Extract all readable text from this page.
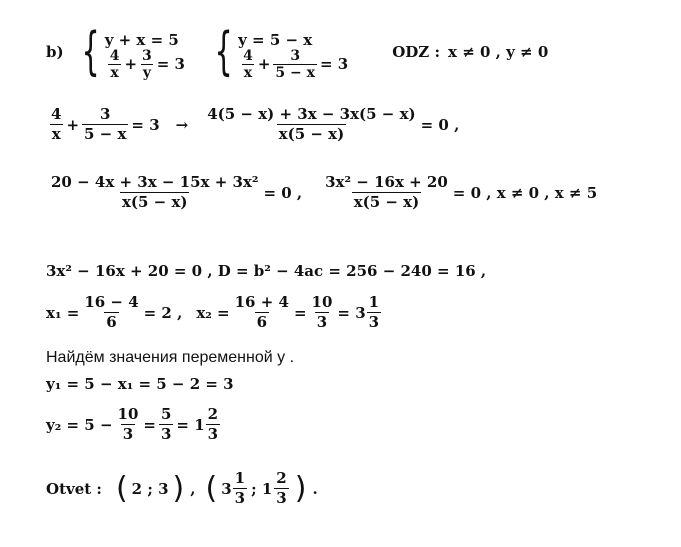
b) { y + x = 5
$\frac{4}{x} + \frac{3}{y} = 3$ { y = 5 − x
$\frac{4}{x} + \frac{3}{5 - x} = 3$
ODZ : x ≠ 0 , y ≠ 0
$\frac{4}{x} + \frac{3}{5 - x} = 3 \to \frac{4(5 - x) + 3x - 3x(5 - x)}{x(5 - x)} = 0$ ,
$\frac{\text{20 − 4x + 3x − 15x + 3x²}}{x(5 - x)} = 0$ , $\frac{\text{3x² − 16x + 20}}{x(5 - x)} = 0$ , x ≠ 0 , x ≠ 5
3x² − 16x + 20 = 0 , D = b² − 4ac = 256 − 240 = 16 ,
$x_1 = \frac{16 - 4}{6} = 2$ , $x_2 = \frac{16 + 4}{6} = \frac{10}{3} = 3 \frac{1}{3}$
Найдём значения переменной у .
y₁ = 5 − x₁ = 5 − 2 = 3
$y_2 = 5 - \frac{10}{3} = \frac{5}{3} = 1 \frac{2}{3}$
Otvet : ( 2 ; 3 ) , ( $3 \frac{1}{3}$ ; $1 \frac{2}{3}$ ) .
